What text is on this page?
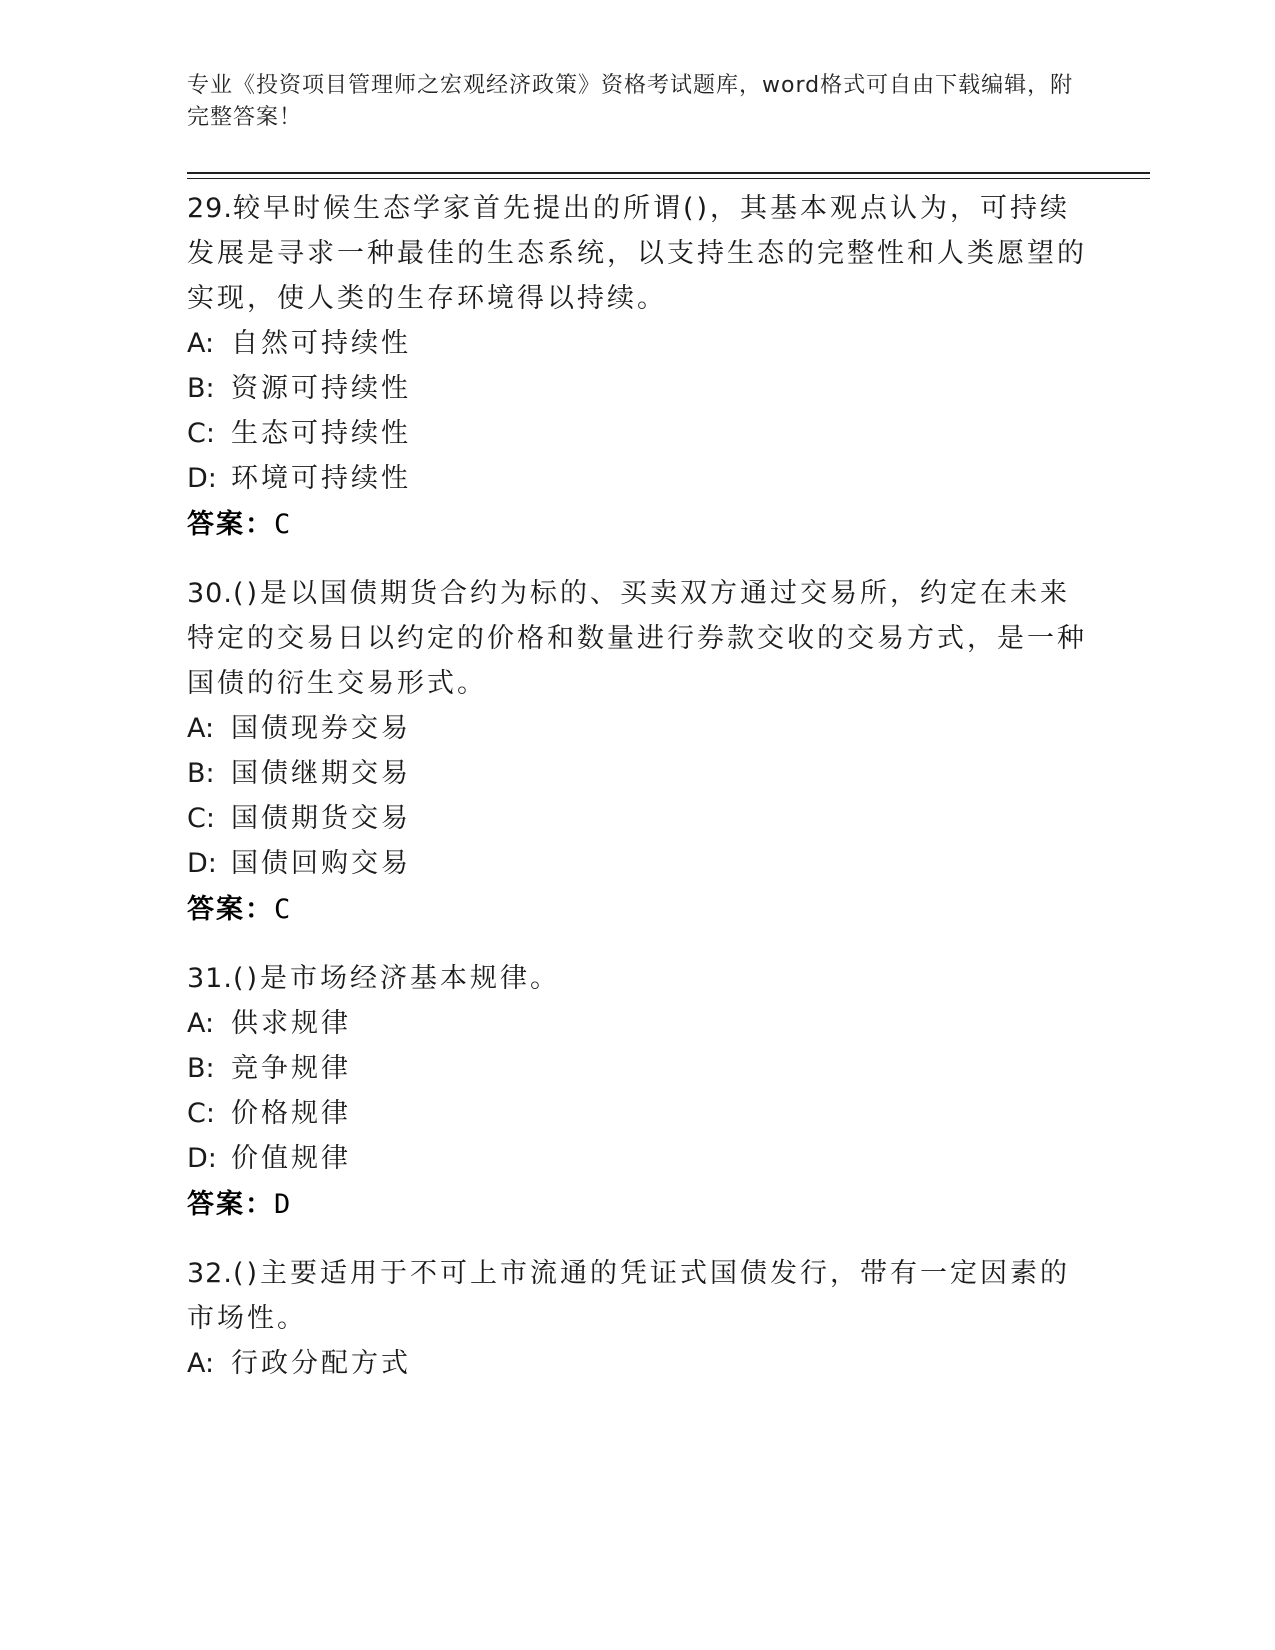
专业《投资项目管理师之宏观经济政策》资格考试题库，word格式可自由下载编辑，附完整答案！

29.较早时候生态学家首先提出的所谓()，其基本观点认为，可持续发展是寻求一种最佳的生态系统，以支持生态的完整性和人类愿望的实现，使人类的生存环境得以持续。

A: 自然可持续性
B: 资源可持续性
C: 生态可持续性
D: 环境可持续性

答案：C

30.()是以国债期货合约为标的、买卖双方通过交易所，约定在未来特定的交易日以约定的价格和数量进行券款交收的交易方式，是一种国债的衍生交易形式。

A: 国债现券交易
B: 国债继期交易
C: 国债期货交易
D: 国债回购交易

答案：C

31.()是市场经济基本规律。

A: 供求规律
B: 竞争规律
C: 价格规律
D: 价值规律

答案：D

32.()主要适用于不可上市流通的凭证式国债发行，带有一定因素的市场性。

A: 行政分配方式
